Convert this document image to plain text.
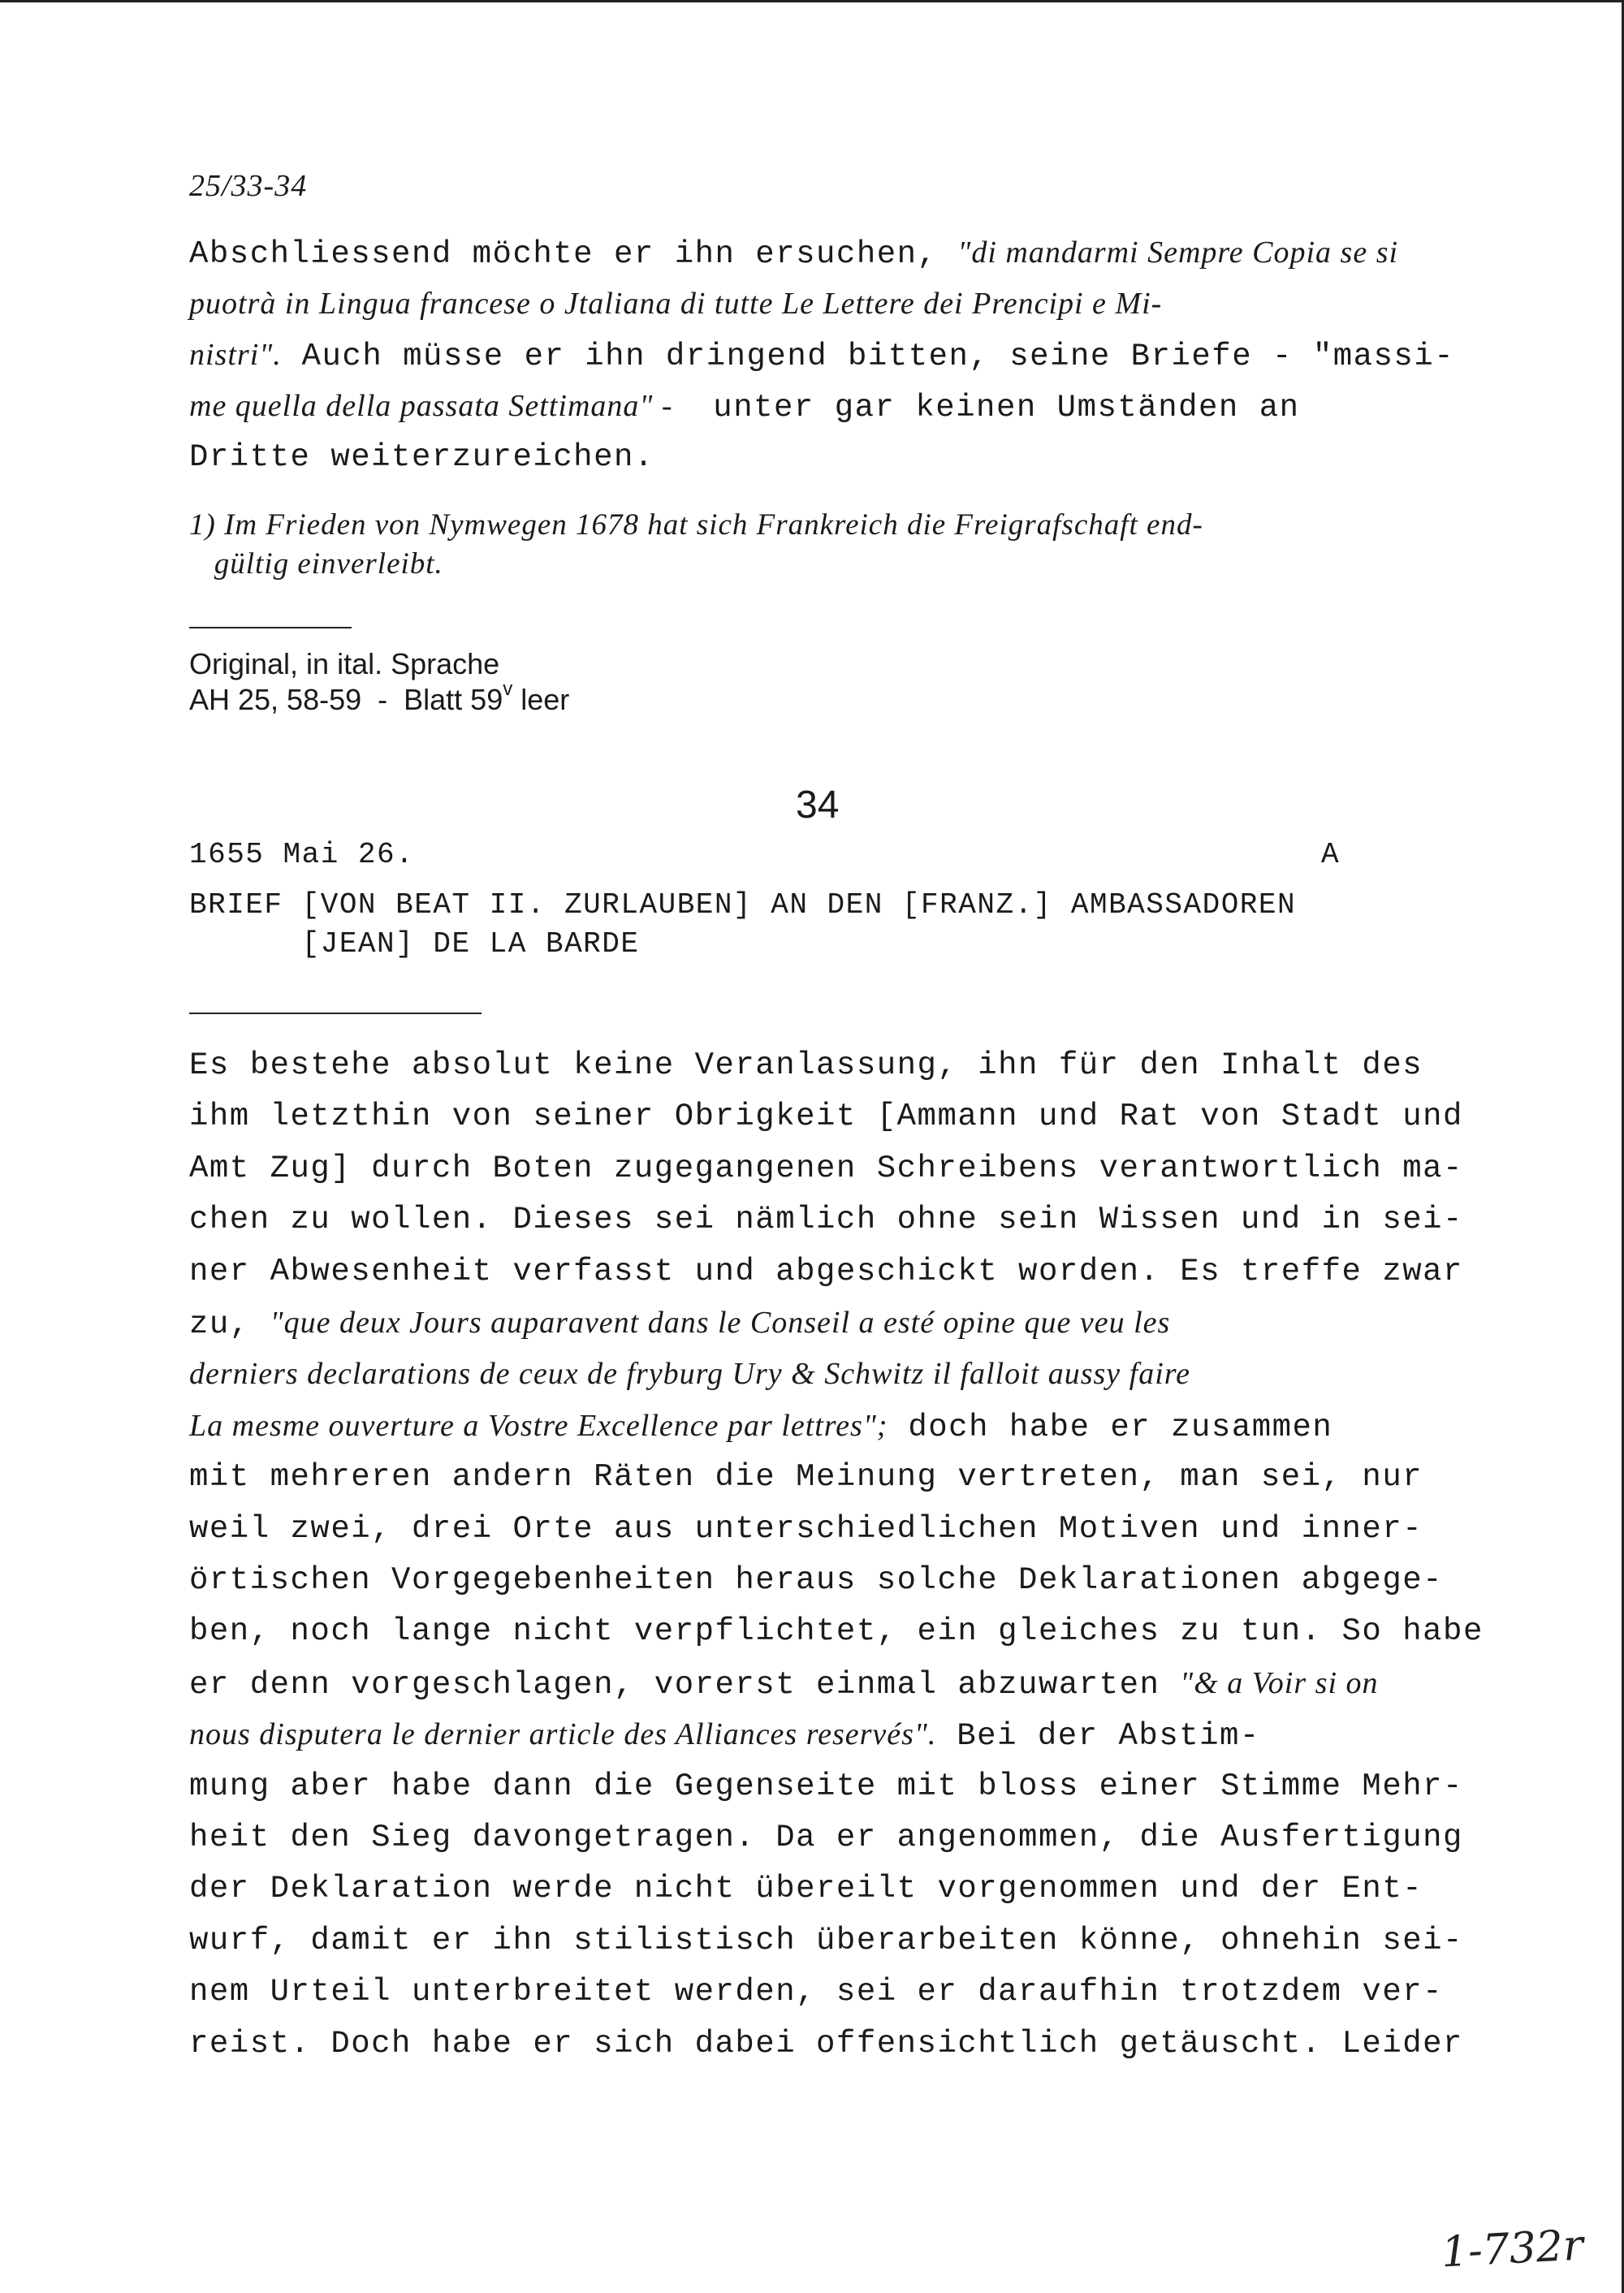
25/33-34
Abschliessend möchte er ihn ersuchen, "di mandarmi Sempre Copia se si
puotrà in Lingua francese o Jtaliana di tutte Le Lettere dei Prencipi e Mi-
nistri". Auch müsse er ihn dringend bitten, seine Briefe - "massi-
me quella della passata Settimana" -  unter gar keinen Umständen an
Dritte weiterzureichen.
1) Im Frieden von Nymwegen 1678 hat sich Frankreich die Freigrafschaft end-
gültig einverleibt.
Original, in ital. Sprache
AH 25, 58-59  -  Blatt 59$^v$ leer
34
1655 Mai 26.	A
BRIEF [VON BEAT II. ZURLAUBEN] AN DEN [FRANZ.] AMBASSADOREN
[JEAN] DE LA BARDE
Es bestehe absolut keine Veranlassung, ihn für den Inhalt des
ihm letzthin von seiner Obrigkeit [Ammann und Rat von Stadt und
Amt Zug] durch Boten zugegangenen Schreibens verantwortlich ma-
chen zu wollen. Dieses sei nämlich ohne sein Wissen und in sei-
ner Abwesenheit verfasst und abgeschickt worden. Es treffe zwar
zu, "que deux Jours auparavent dans le Conseil a esté opine que veu les
derniers declarations de ceux de fryburg Ury & Schwitz il falloit aussy faire
La mesme ouverture a Vostre Excellence par lettres"; doch habe er zusammen
mit mehreren andern Räten die Meinung vertreten, man sei, nur
weil zwei, drei Orte aus unterschiedlichen Motiven und inner-
örtischen Vorgegebenheiten heraus solche Deklarationen abgege-
ben, noch lange nicht verpflichtet, ein gleiches zu tun. So habe
er denn vorgeschlagen, vorerst einmal abzuwarten "& a Voir si on
nous disputera le dernier article des Alliances reservés". Bei der Abstim-
mung aber habe dann die Gegenseite mit bloss einer Stimme Mehr-
heit den Sieg davongetragen. Da er angenommen, die Ausfertigung
der Deklaration werde nicht übereilt vorgenommen und der Ent-
wurf, damit er ihn stilistisch überarbeiten könne, ohnehin sei-
nem Urteil unterbreitet werden, sei er daraufhin trotzdem ver-
reist. Doch habe er sich dabei offensichtlich getäuscht. Leider
1-732r
